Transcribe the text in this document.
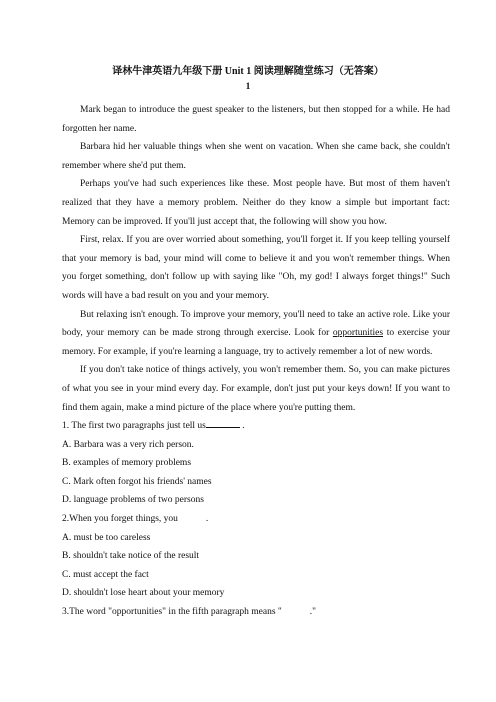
译林牛津英语九年级下册 Unit 1 阅读理解随堂练习（无答案）
1

Mark began to introduce the guest speaker to the listeners, but then stopped for a while. He had forgotten her name.

Barbara hid her valuable things when she went on vacation. When she came back, she couldn't remember where she'd put them.

Perhaps you've had such experiences like these. Most people have. But most of them haven't realized that they have a memory problem. Neither do they know a simple but important fact: Memory can be improved. If you'll just accept that, the following will show you how.

First, relax. If you are over worried about something, you'll forget it. If you keep telling yourself that your memory is bad, your mind will come to believe it and you won't remember things. When you forget something, don't follow up with saying like "Oh, my god! I always forget things!" Such words will have a bad result on you and your memory.

But relaxing isn't enough. To improve your memory, you'll need to take an active role. Like your body, your memory can be made strong through exercise. Look for opportunities to exercise your memory. For example, if you're learning a language, try to actively remember a lot of new words.

If you don't take notice of things actively, you won't remember them. So, you can make pictures of what you see in your mind every day. For example, don't just put your keys down! If you want to find them again, make a mind picture of the place where you're putting them.

1. The first two paragraphs just tell us	.

A. Barbara was a very rich person.

B. examples of memory problems

C. Mark often forgot his friends' names

D. language problems of two persons

2.When you forget things, you	.

A. must be too careless

B. shouldn't take notice of the result

C. must accept the fact

D. shouldn't lose heart about your memory

3.The word "opportunities" in the fifth paragraph means "	."
